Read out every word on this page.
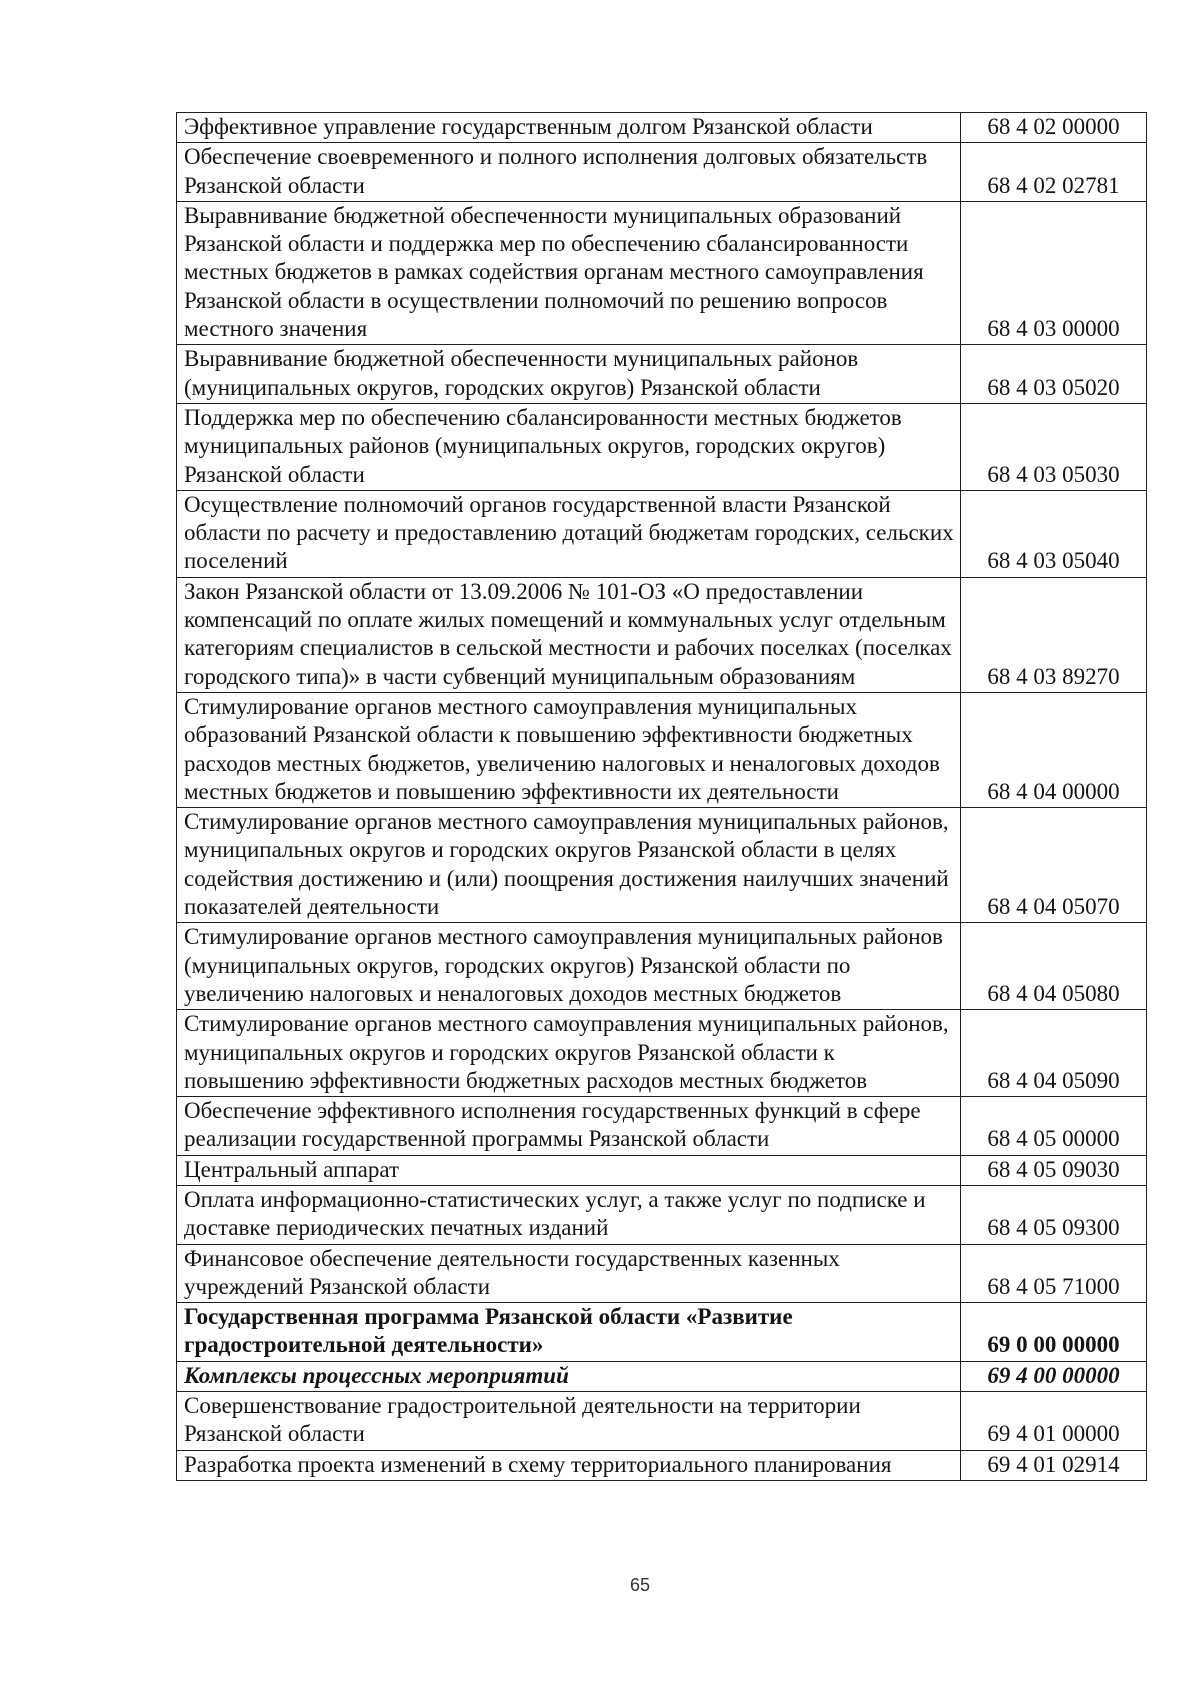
Эффективное управление государственным долгом Рязанской области	68 4 02 00000
Обеспечение своевременного и полного исполнения долговых обязательств Рязанской области	68 4 02 02781
Выравнивание бюджетной обеспеченности муниципальных образований Рязанской области и поддержка мер по обеспечению сбалансированности местных бюджетов в рамках содействия органам местного самоуправления Рязанской области в осуществлении полномочий по решению вопросов местного значения	68 4 03 00000
Выравнивание бюджетной обеспеченности муниципальных районов (муниципальных округов, городских округов) Рязанской области	68 4 03 05020
Поддержка мер по обеспечению сбалансированности местных бюджетов муниципальных районов (муниципальных округов, городских округов) Рязанской области	68 4 03 05030
Осуществление полномочий органов государственной власти Рязанской области по расчету и предоставлению дотаций бюджетам городских, сельских поселений	68 4 03 05040
Закон Рязанской области от 13.09.2006 № 101-ОЗ «О предоставлении компенсаций по оплате жилых помещений и коммунальных услуг отдельным категориям специалистов в сельской местности и рабочих поселках (поселках городского типа)» в части субвенций муниципальным образованиям	68 4 03 89270
Стимулирование органов местного самоуправления муниципальных образований Рязанской области к повышению эффективности бюджетных расходов местных бюджетов, увеличению налоговых и неналоговых доходов местных бюджетов и повышению эффективности их деятельности	68 4 04 00000
Стимулирование органов местного самоуправления муниципальных районов, муниципальных округов и городских округов Рязанской области в целях содействия достижению и (или) поощрения достижения наилучших значений показателей деятельности	68 4 04 05070
Стимулирование органов местного самоуправления муниципальных районов (муниципальных округов, городских округов) Рязанской области по увеличению налоговых и неналоговых доходов местных бюджетов	68 4 04 05080
Стимулирование органов местного самоуправления муниципальных районов, муниципальных округов и городских округов Рязанской области к повышению эффективности бюджетных расходов местных бюджетов	68 4 04 05090
Обеспечение эффективного исполнения государственных функций в сфере реализации государственной программы Рязанской области	68 4 05 00000
Центральный аппарат	68 4 05 09030
Оплата информационно-статистических услуг, а также услуг по подписке и доставке периодических печатных изданий	68 4 05 09300
Финансовое обеспечение деятельности государственных казенных учреждений Рязанской области	68 4 05 71000
Государственная программа Рязанской области «Развитие градостроительной деятельности»	69 0 00 00000
Комплексы процессных мероприятий	69 4 00 00000
Совершенствование градостроительной деятельности на территории Рязанской области	69 4 01 00000
Разработка проекта изменений в схему территориального планирования	69 4 01 02914
65
